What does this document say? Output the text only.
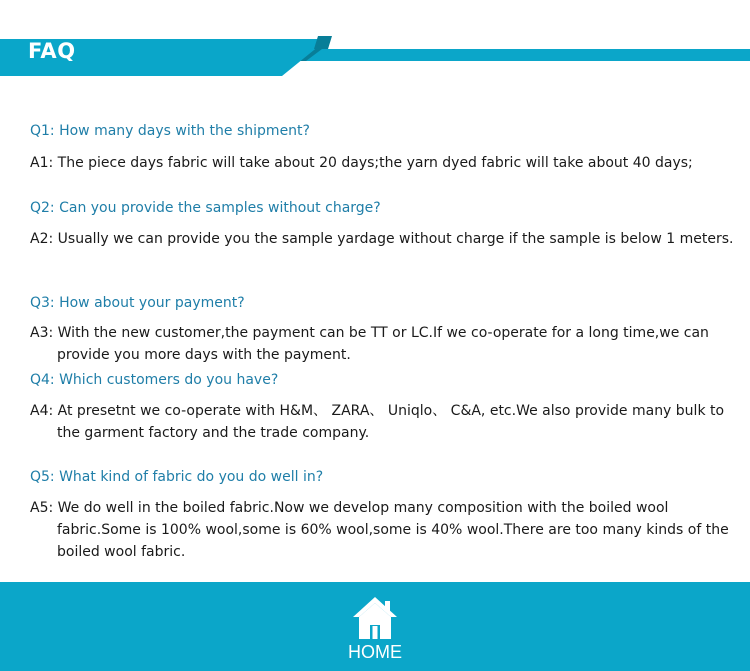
FAQ

Q1: How many days with the shipment?

A1: The piece days fabric will take about 20 days;the yarn dyed fabric will take about 40 days;

Q2: Can you provide the samples without charge?

A2: Usually we can provide you the sample yardage without charge if the sample is below 1 meters.

Q3: How about your payment?

A3: With the new customer,the payment can be TT or LC.If we co-operate for a long time,we can provide you more days with the payment.

Q4: Which customers do you have?

A4: At presetnt we co-operate with H&M、 ZARA、 Uniqlo、 C&A, etc.We also provide many bulk to the garment factory and the trade company.

Q5: What kind of fabric do you do well in?

A5: We do well in the boiled fabric.Now we develop many composition with the boiled wool fabric.Some is 100% wool,some is 60% wool,some is 40% wool.There are too many kinds of the boiled wool fabric.

HOME
